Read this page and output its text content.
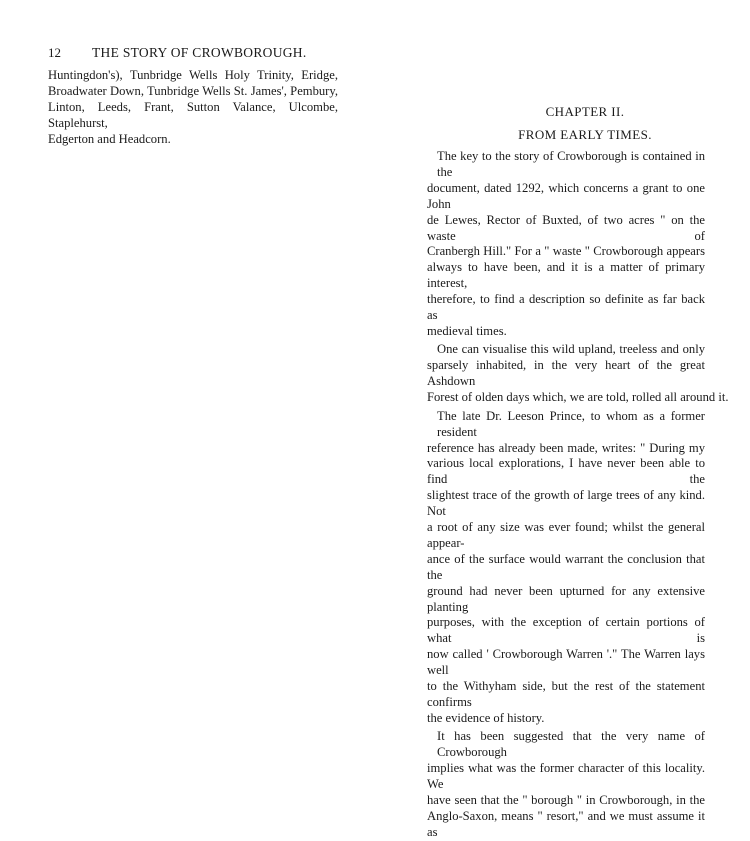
12 THE STORY OF CROWBOROUGH.
Huntingdon's), Tunbridge Wells Holy Trinity, Eridge,
Broadwater Down, Tunbridge Wells St. James', Pembury,
Linton, Leeds, Frant, Sutton Valance, Ulcombe, Staplehurst,
Edgerton and Headcorn.
CHAPTER II.
FROM EARLY TIMES.
The key to the story of Crowborough is contained in the
document, dated 1292, which concerns a grant to one John
de Lewes, Rector of Buxted, of two acres " on the waste of
Cranbergh Hill." For a " waste " Crowborough appears
always to have been, and it is a matter of primary interest,
therefore, to find a description so definite as far back as
medieval times.
One can visualise this wild upland, treeless and only
sparsely inhabited, in the very heart of the great Ashdown
Forest of olden days which, we are told, rolled all around it.
The late Dr. Leeson Prince, to whom as a former resident
reference has already been made, writes: " During my
various local explorations, I have never been able to find the
slightest trace of the growth of large trees of any kind. Not
a root of any size was ever found; whilst the general appear-
ance of the surface would warrant the conclusion that the
ground had never been upturned for any extensive planting
purposes, with the exception of certain portions of what is
now called ' Crowborough Warren '." The Warren lays well
to the Withyham side, but the rest of the statement confirms
the evidence of history.
It has been suggested that the very name of Crowborough
implies what was the former character of this locality. We
have seen that the " borough " in Crowborough, in the
Anglo-Saxon, means " resort," and we must assume it as
